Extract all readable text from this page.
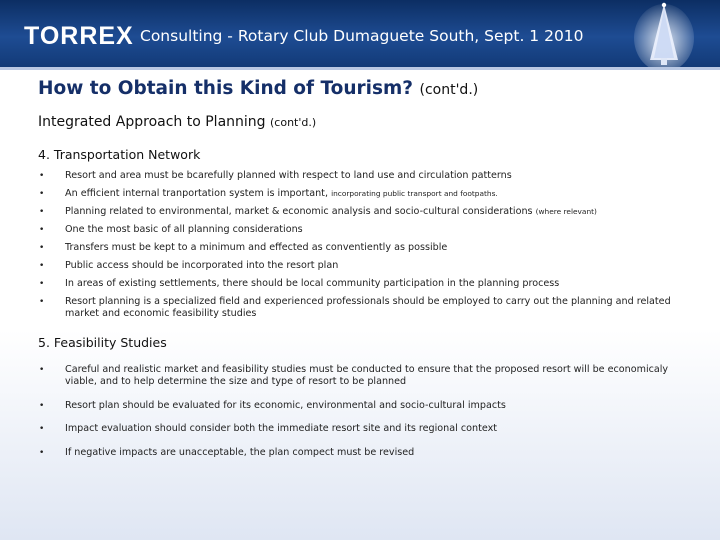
TORREX Consulting - Rotary Club Dumaguete South, Sept. 1 2010
How to Obtain this Kind of Tourism? (cont'd.)
Integrated Approach to Planning (cont'd.)
4. Transportation Network
• Resort and area must be bcarefully planned with respect to land use and circulation patterns
• An efficient internal tranportation system is important, incorporating public transport and footpaths.
• Planning related to environmental, market & economic analysis and socio-cultural considerations (where relevant)
• One the most basic of all planning considerations
• Transfers must be kept to a minimum and effected as conventiently as possible
• Public access should be incorporated into the resort plan
• In areas of existing settlements, there should be local community participation in the planning process
• Resort planning is a specialized field and experienced professionals should be employed to carry out the planning and related market and economic feasibility studies
5. Feasibility Studies
• Careful and realistic market and feasibility studies must be conducted to ensure that the proposed resort will be economicaly viable, and to help determine the size and type of resort to be planned
• Resort plan should be evaluated for its economic, environmental and socio-cultural impacts
• Impact evaluation should consider both the immediate resort site and its regional context
• If negative impacts are unacceptable, the plan compect must be revised
